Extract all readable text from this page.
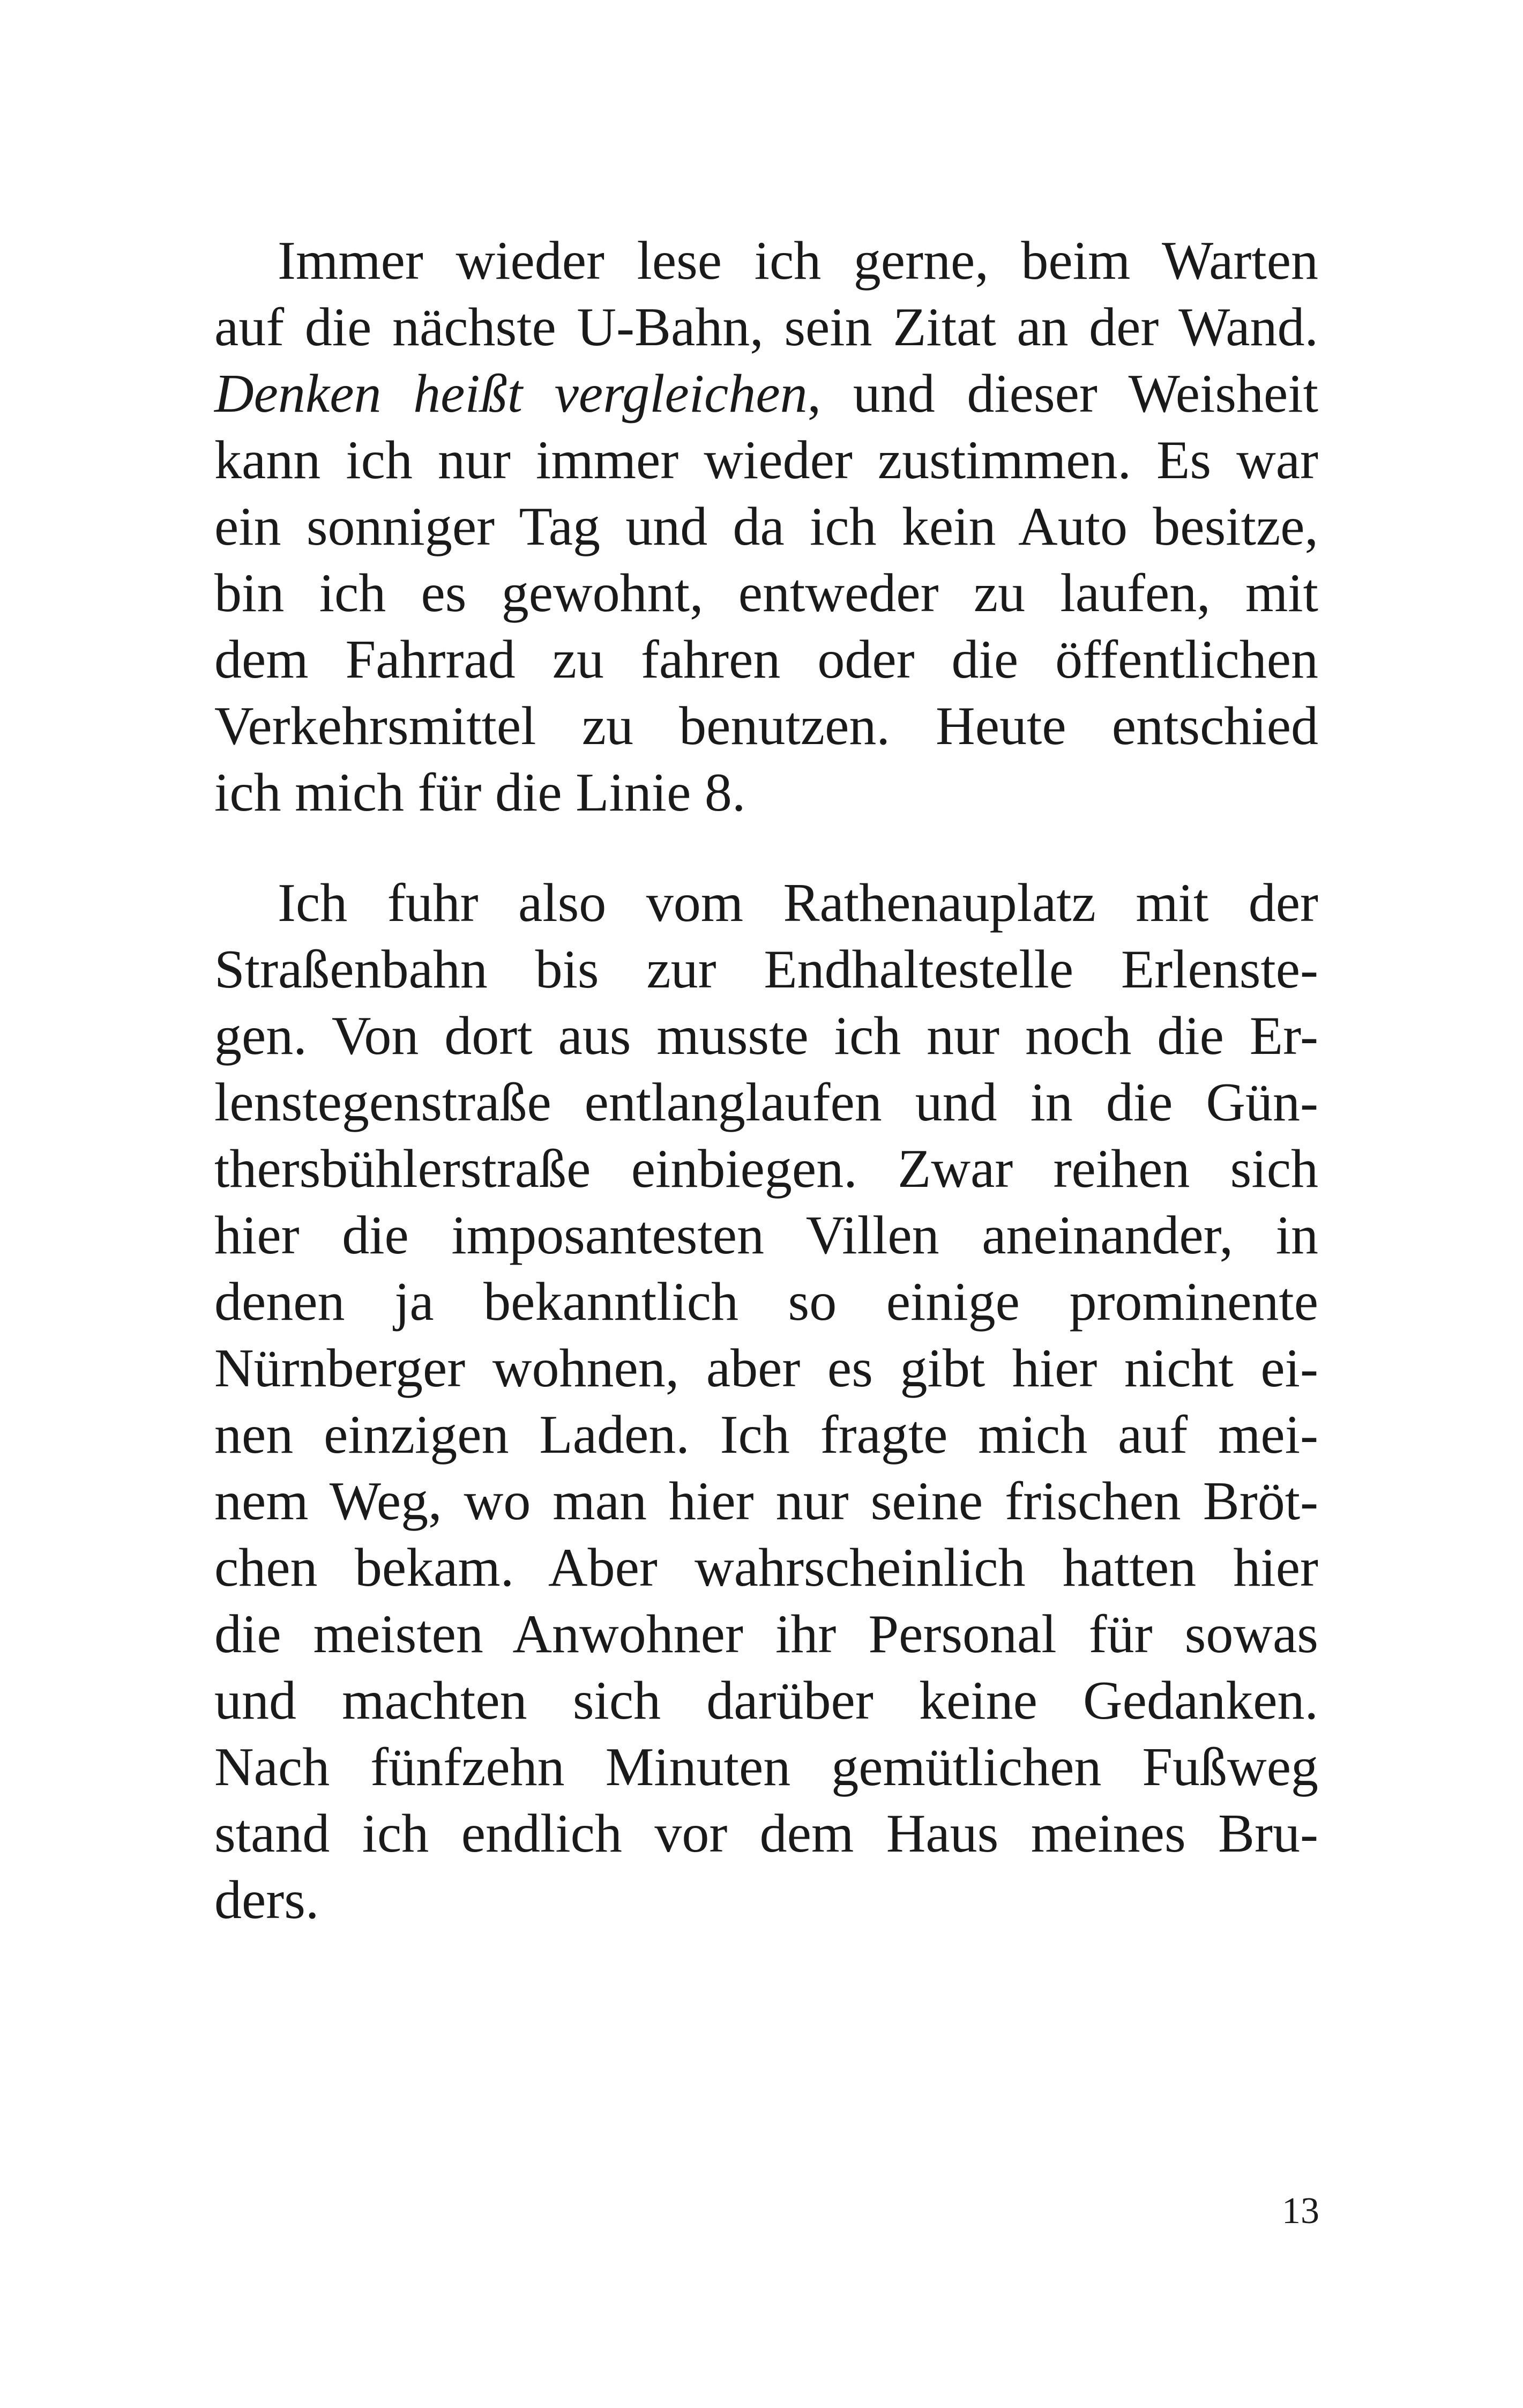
Immer wieder lese ich gerne, beim Warten
auf die nächste U-Bahn, sein Zitat an der Wand.
Denken heißt vergleichen, und dieser Weisheit
kann ich nur immer wieder zustimmen. Es war
ein sonniger Tag und da ich kein Auto besitze,
bin ich es gewohnt, entweder zu laufen, mit
dem Fahrrad zu fahren oder die öffentlichen
Verkehrsmittel zu benutzen. Heute entschied
ich mich für die Linie 8.
Ich fuhr also vom Rathenauplatz mit der
Straßenbahn bis zur Endhaltestelle Erlenste-
gen. Von dort aus musste ich nur noch die Er-
lenstegenstraße entlanglaufen und in die Gün-
thersbühlerstraße einbiegen. Zwar reihen sich
hier die imposantesten Villen aneinander, in
denen ja bekanntlich so einige prominente
Nürnberger wohnen, aber es gibt hier nicht ei-
nen einzigen Laden. Ich fragte mich auf mei-
nem Weg, wo man hier nur seine frischen Bröt-
chen bekam. Aber wahrscheinlich hatten hier
die meisten Anwohner ihr Personal für sowas
und machten sich darüber keine Gedanken.
Nach fünfzehn Minuten gemütlichen Fußweg
stand ich endlich vor dem Haus meines Bru-
ders.
13
